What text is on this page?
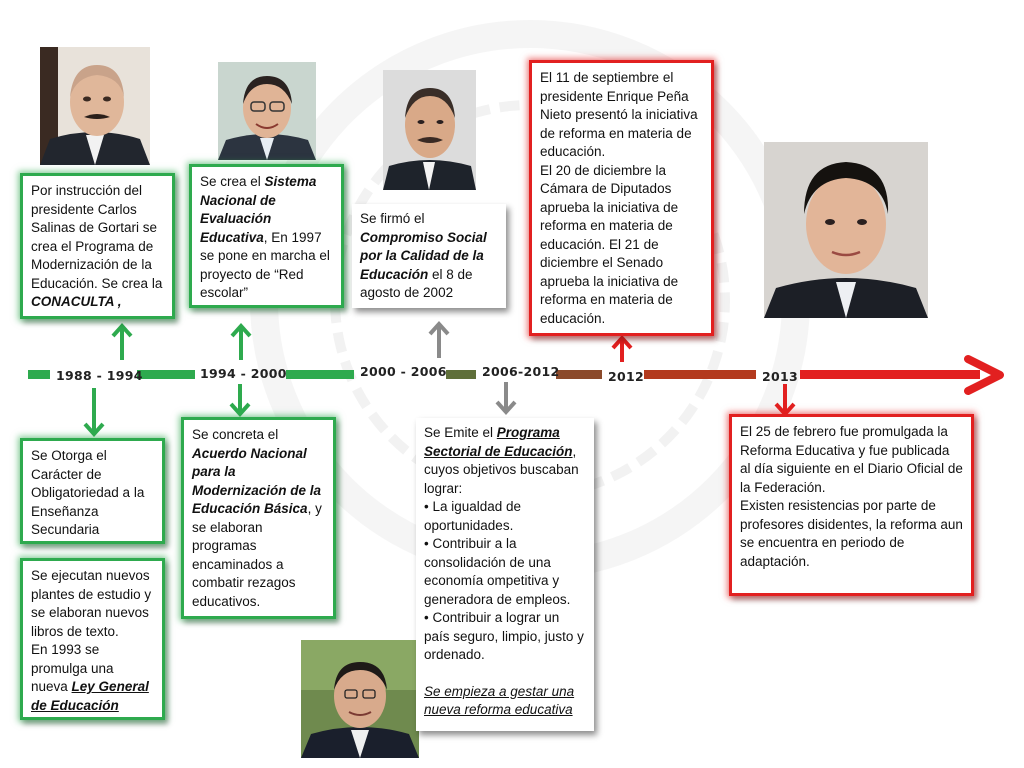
1988 - 1994	1994 - 2000	2000 - 2006	2006-2012	2012	2013
Por instrucción del presidente Carlos Salinas de Gortari se crea el Programa de Modernización de la Educación. Se crea la CONACULTA ,
Se Otorga el Carácter de Obligatoriedad a la Enseñanza Secundaria
Se ejecutan nuevos plantes de estudio y se elaboran nuevos libros de texto.
En 1993 se promulga una nueva Ley General de Educación
Se crea el Sistema Nacional de Evaluación Educativa, En 1997 se pone en marcha el proyecto de “Red escolar”
Se concreta el Acuerdo Nacional para la Modernización de la Educación Básica, y se elaboran programas encaminados a combatir rezagos educativos.
Se firmó el Compromiso Social por la Calidad de la Educación el 8 de agosto de 2002
Se Emite el Programa Sectorial de Educación, cuyos objetivos buscaban lograr:
• La igualdad de oportunidades.
• Contribuir a la consolidación de una economía ompetitiva y generadora de empleos.
• Contribuir a lograr un país seguro, limpio, justo y ordenado.
Se empieza a gestar una nueva reforma educativa
El 11 de septiembre el presidente Enrique Peña Nieto presentó la iniciativa de reforma en materia de educación.
El 20 de diciembre la Cámara de Diputados aprueba la iniciativa de reforma en materia de educación. El 21 de diciembre el Senado aprueba la iniciativa de reforma en materia de educación.
El 25 de febrero fue promulgada la Reforma Educativa y fue publicada al día siguiente en el Diario Oficial de la Federación.
Existen resistencias por parte de profesores disidentes, la reforma aun se encuentra en periodo de adaptación.
